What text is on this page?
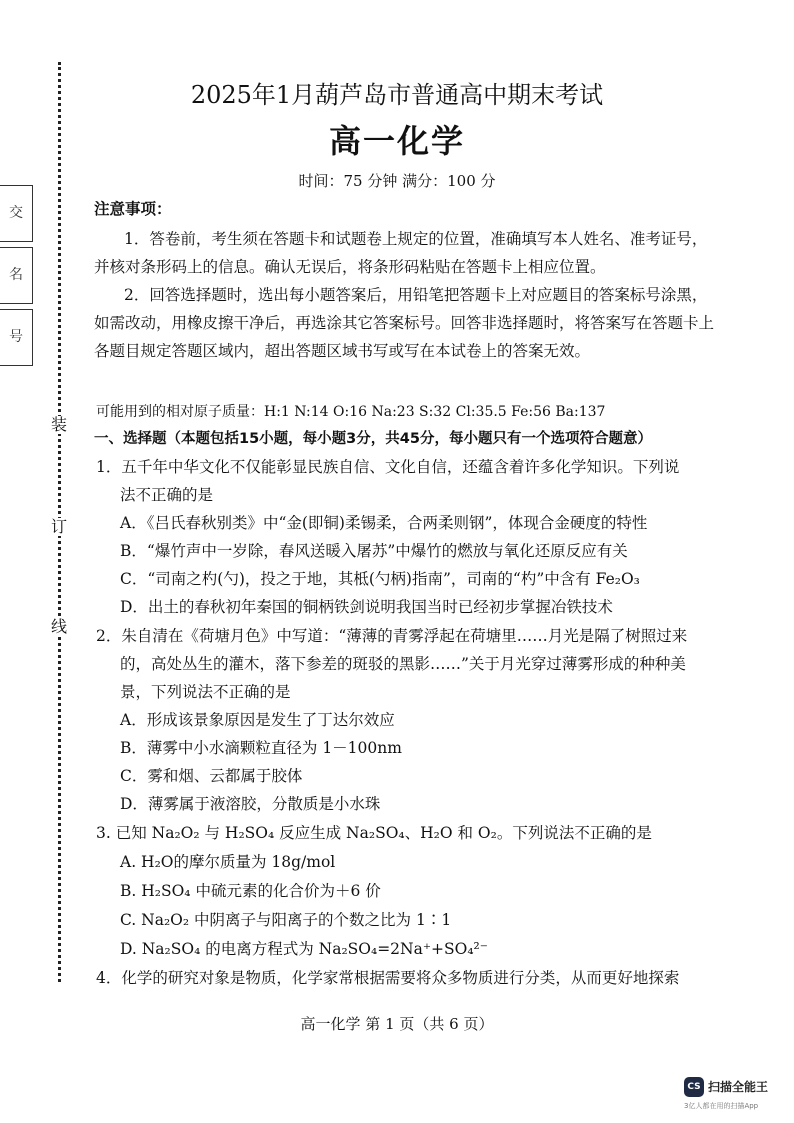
装
订
线
交
名
号
2025年1月葫芦岛市普通高中期末考试
高一化学
时间：75 分钟 满分：100 分
注意事项：
1．答卷前，考生须在答题卡和试题卷上规定的位置，准确填写本人姓名、准考证号，
并核对条形码上的信息。确认无误后，将条形码粘贴在答题卡上相应位置。
2．回答选择题时，选出每小题答案后，用铅笔把答题卡上对应题目的答案标号涂黑，
如需改动，用橡皮擦干净后，再选涂其它答案标号。回答非选择题时，将答案写在答题卡上
各题目规定答题区域内，超出答题区域书写或写在本试卷上的答案无效。
可能用到的相对原子质量：H:1 N:14 O:16 Na:23 S:32 Cl:35.5 Fe:56 Ba:137
一、选择题（本题包括15小题，每小题3分，共45分，每小题只有一个选项符合题意）
1．五千年中华文化不仅能彰显民族自信、文化自信，还蕴含着许多化学知识。下列说
法不正确的是
A．《吕氏春秋别类》中“金(即铜)柔锡柔，合两柔则钢”，体现合金硬度的特性
B．“爆竹声中一岁除，春风送暖入屠苏”中爆竹的燃放与氧化还原反应有关
C．“司南之杓(勺)，投之于地，其柢(勺柄)指南”，司南的“杓”中含有 Fe₂O₃
D．出土的春秋初年秦国的铜柄铁剑说明我国当时已经初步掌握冶铁技术
2．朱自清在《荷塘月色》中写道：“薄薄的青雾浮起在荷塘里……月光是隔了树照过来
的，高处丛生的灌木，落下参差的斑驳的黑影……”关于月光穿过薄雾形成的种种美
景，下列说法不正确的是
A．形成该景象原因是发生了丁达尔效应
B．薄雾中小水滴颗粒直径为 1－100nm
C．雾和烟、云都属于胶体
D．薄雾属于液溶胶，分散质是小水珠
3. 已知 Na₂O₂ 与 H₂SO₄ 反应生成 Na₂SO₄、H₂O 和 O₂。下列说法不正确的是
A. H₂O的摩尔质量为 18g/mol
B. H₂SO₄ 中硫元素的化合价为＋6 价
C. Na₂O₂ 中阴离子与阳离子的个数之比为 1∶1
D. Na₂SO₄ 的电离方程式为 Na₂SO₄=2Na⁺+SO₄²⁻
4．化学的研究对象是物质，化学家常根据需要将众多物质进行分类，从而更好地探索
高一化学 第 1 页（共 6 页）
CS 扫描全能王
3亿人都在用的扫描App
